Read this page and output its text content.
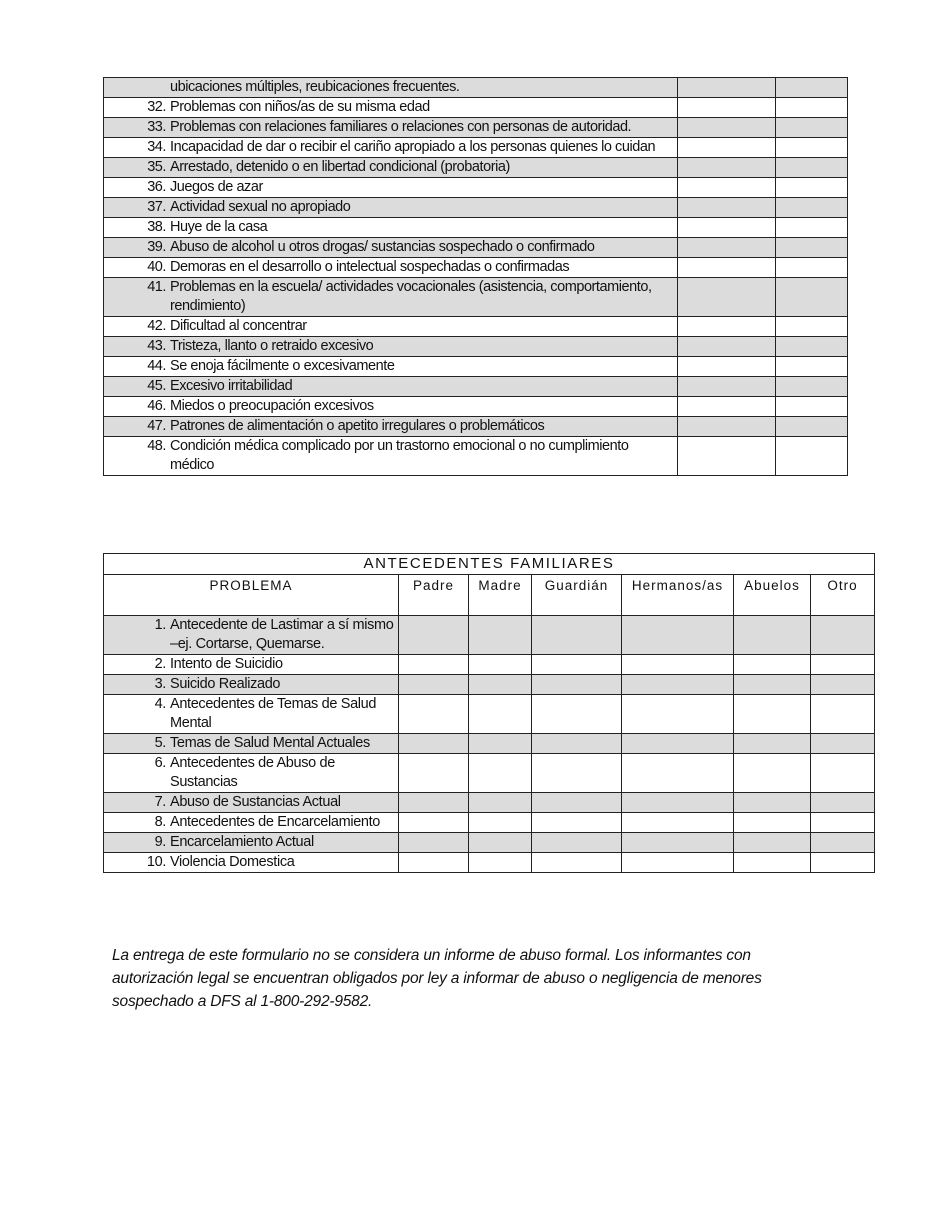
ubicaciones múltiples, reubicaciones frecuentes.		

32. Problemas con niños/as de su misma edad		

33. Problemas con relaciones familiares o relaciones con personas de autoridad.		

34. Incapacidad de dar o recibir el cariño apropiado a los personas quienes lo cuidan		

35. Arrestado, detenido o en libertad condicional (probatoria)		

36. Juegos de azar		

37. Actividad sexual no apropiado		

38. Huye de la casa		

39. Abuso de alcohol u otros drogas/ sustancias sospechado o confirmado		

40. Demoras en el desarrollo o intelectual sospechadas o confirmadas		

41. Problemas en la escuela/ actividades vocacionales (asistencia, comportamiento, rendimiento)		

42. Dificultad al concentrar		

43. Tristeza, llanto o retraido excesivo		

44. Se enoja fácilmente o excesivamente		

45. Excesivo irritabilidad		

46. Miedos o preocupación excesivos		

47. Patrones de alimentación o apetito irregulares o problemáticos		

48. Condición médica complicado por un trastorno emocional o no cumplimiento médico		

ANTECEDENTES FAMILIARES						
PROBLEMA	Padre	Madre	Guardián	Hermanos/as	Abuelos	Otro

1. Antecedente de Lastimar a sí mismo –ej. Cortarse, Quemarse.						

2. Intento de Suicidio						

3. Suicido Realizado						

4. Antecedentes de Temas de Salud Mental						

5. Temas de Salud Mental Actuales						

6. Antecedentes de Abuso de Sustancias						

7. Abuso de Sustancias Actual						

8. Antecedentes de Encarcelamiento						

9. Encarcelamiento Actual						

10. Violencia Domestica						

La entrega de este formulario no se considera un informe de abuso formal. Los informantes con autorización legal se encuentran obligados por ley a informar de abuso o negligencia de menores sospechado a DFS al 1-800-292-9582.
